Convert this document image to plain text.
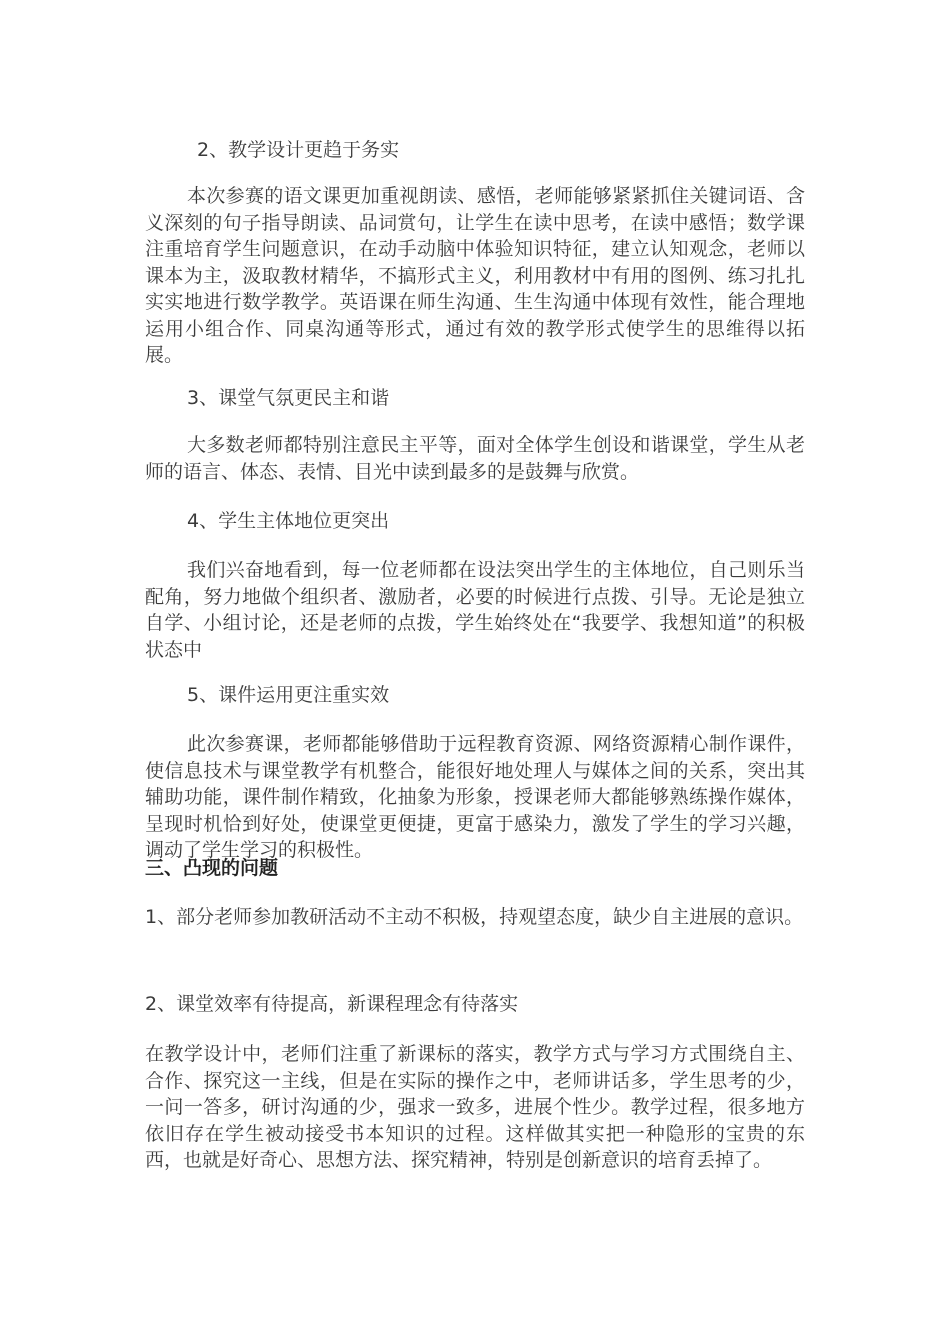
2、教学设计更趋于务实

本次参赛的语文课更加重视朗读、感悟，老师能够紧紧抓住关键词语、含义深刻的句子指导朗读、品词赏句，让学生在读中思考，在读中感悟；数学课注重培育学生问题意识，在动手动脑中体验知识特征，建立认知观念，老师以课本为主，汲取教材精华，不搞形式主义，利用教材中有用的图例、练习扎扎实实地进行数学教学。英语课在师生沟通、生生沟通中体现有效性，能合理地运用小组合作、同桌沟通等形式，通过有效的教学形式使学生的思维得以拓展。

3、课堂气氛更民主和谐

大多数老师都特别注意民主平等，面对全体学生创设和谐课堂，学生从老师的语言、体态、表情、目光中读到最多的是鼓舞与欣赏。

4、学生主体地位更突出

我们兴奋地看到，每一位老师都在设法突出学生的主体地位，自己则乐当配角，努力地做个组织者、激励者，必要的时候进行点拨、引导。无论是独立自学、小组讨论，还是老师的点拨，学生始终处在“我要学、我想知道”的积极状态中

5、课件运用更注重实效

此次参赛课，老师都能够借助于远程教育资源、网络资源精心制作课件，使信息技术与课堂教学有机整合，能很好地处理人与媒体之间的关系，突出其辅助功能，课件制作精致，化抽象为形象，授课老师大都能够熟练操作媒体，呈现时机恰到好处，使课堂更便捷，更富于感染力，激发了学生的学习兴趣，调动了学生学习的积极性。

三、凸现的问题

1、部分老师参加教研活动不主动不积极，持观望态度，缺少自主进展的意识。

2、课堂效率有待提高，新课程理念有待落实

在教学设计中，老师们注重了新课标的落实，教学方式与学习方式围绕自主、合作、探究这一主线，但是在实际的操作之中，老师讲话多，学生思考的少，一问一答多，研讨沟通的少，强求一致多，进展个性少。教学过程，很多地方依旧存在学生被动接受书本知识的过程。这样做其实把一种隐形的宝贵的东西，也就是好奇心、思想方法、探究精神，特别是创新意识的培育丢掉了。
